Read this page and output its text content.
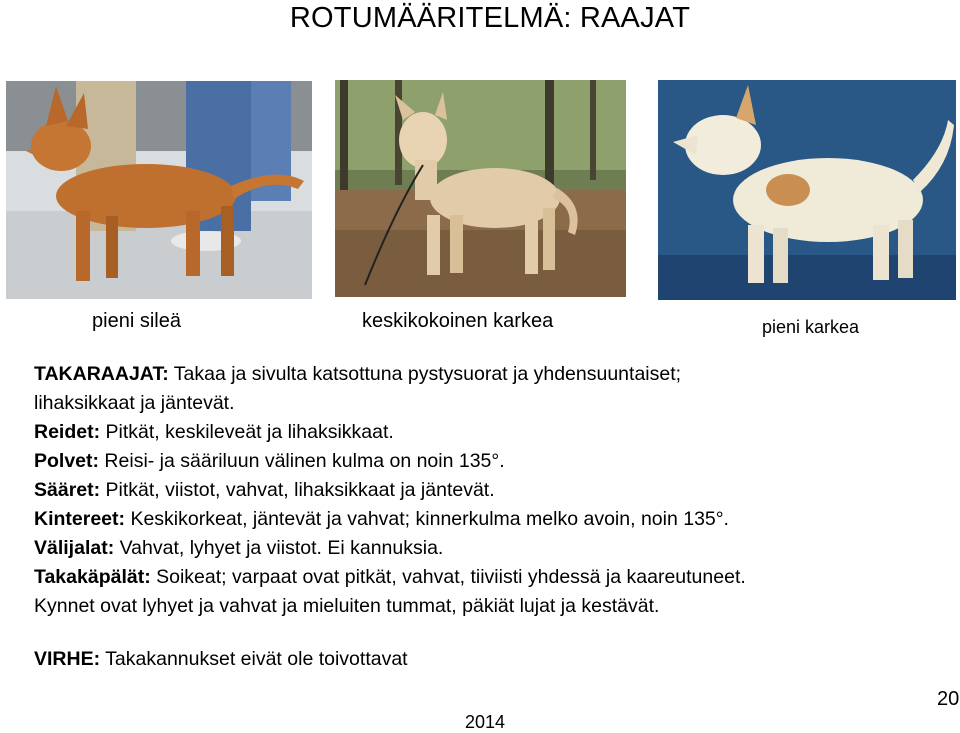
ROTUMÄÄRITELMÄ: RAAJAT
pieni sileä	keskikokoinen karkea	pieni karkea
TAKARAAJAT: Takaa ja sivulta katsottuna pystysuorat ja yhdensuuntaiset;
lihaksikkaat ja jäntevät.
Reidet: Pitkät, keskileveät ja lihaksikkaat.
Polvet: Reisi- ja sääriluun välinen kulma on noin 135°.
Sääret: Pitkät, viistot, vahvat, lihaksikkaat ja jäntevät.
Kintereet: Keskikorkeat, jäntevät ja vahvat; kinnerkulma melko avoin, noin 135°.
Välijalat: Vahvat, lyhyet ja viistot. Ei kannuksia.
Takakäpälät: Soikeat; varpaat ovat pitkät, vahvat, tiiviisti yhdessä ja kaareutuneet.
Kynnet ovat lyhyet ja vahvat ja mieluiten tummat, päkiät lujat ja kestävät.
VIRHE: Takakannukset eivät ole toivottavat
2014
20
